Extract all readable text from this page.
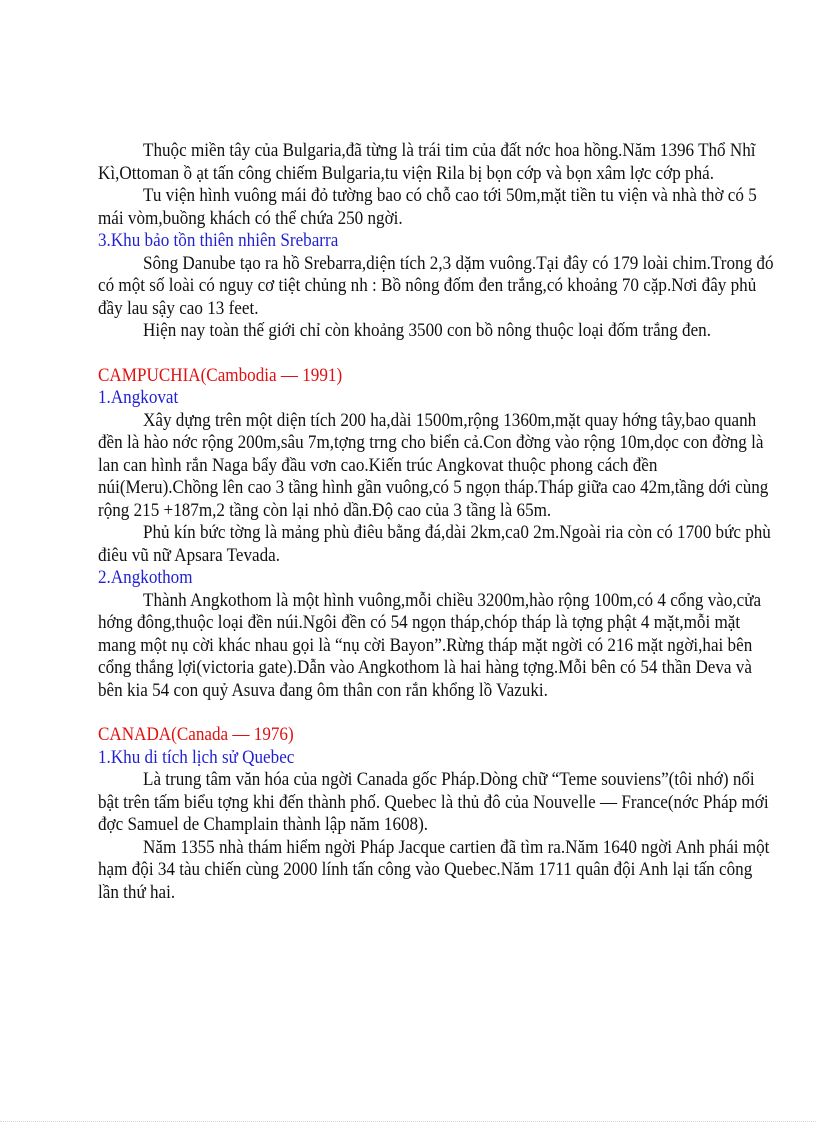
Thuộc miền tây của Bulgaria,đã từng là trái tim của đất nớc hoa hồng.Năm 1396 Thổ Nhĩ Kì,Ottoman ồ ạt tấn công chiếm Bulgaria,tu viện Rila bị bọn cớp và bọn xâm lợc cớp phá.

Tu viện hình vuông mái đỏ tường bao có chỗ cao tới 50m,mặt tiền tu viện và nhà thờ có 5 mái vòm,buồng khách có thể chứa 250 ngời.

3.Khu bảo tồn thiên nhiên Srebarra

Sông Danube tạo ra hồ Srebarra,diện tích 2,3 dặm vuông.Tại đây có 179 loài chim.Trong đó có một số loài có nguy cơ tiệt chủng nh : Bồ nông đốm đen trắng,có khoảng 70 cặp.Nơi đây phủ đầy lau sậy cao 13 feet.

Hiện nay toàn thế giới chỉ còn khoảng 3500 con bồ nông thuộc loại đốm trắng đen.

CAMPUCHIA(Cambodia — 1991)

1.Angkovat

Xây dựng trên một diện tích 200 ha,dài 1500m,rộng 1360m,mặt quay hớng tây,bao quanh đền là hào nớc rộng 200m,sâu 7m,tợng trng cho biển cả.Con đờng vào rộng 10m,dọc con đờng là lan can hình rắn Naga bẩy đầu vơn cao.Kiến trúc Angkovat thuộc phong cách đền núi(Meru).Chồng lên cao 3 tầng hình gần vuông,có 5 ngọn tháp.Tháp giữa cao 42m,tầng dới cùng rộng 215 +187m,2 tầng còn lại nhỏ dần.Độ cao của 3 tầng là 65m.

Phủ kín bức tờng là mảng phù điêu bằng đá,dài 2km,ca0 2m.Ngoài ria còn có 1700 bức phù điêu vũ nữ Apsara Tevada.

2.Angkothom

Thành Angkothom là một hình vuông,mỗi chiều 3200m,hào rộng 100m,có 4 cổng vào,cửa hớng đông,thuộc loại đền núi.Ngôi đền có 54 ngọn tháp,chóp tháp là tợng phật 4 mặt,mỗi mặt mang một nụ cời khác nhau gọi là “nụ cời Bayon”.Rừng tháp mặt ngời có 216 mặt ngời,hai bên cổng thắng lợi(victoria gate).Dẫn vào Angkothom là hai hàng tợng.Mỗi bên có 54 thần Deva và bên kia 54 con quỷ Asuva đang ôm thân con rắn khổng lồ Vazuki.

CANADA(Canada — 1976)

1.Khu di tích lịch sử Quebec

Là trung tâm văn hóa của ngời Canada gốc Pháp.Dòng chữ “Teme souviens”(tôi nhớ) nổi bật trên tấm biểu tợng khi đến thành phố. Quebec là thủ đô của Nouvelle — France(nớc Pháp mới đợc Samuel de Champlain thành lập năm 1608).

Năm 1355 nhà thám hiểm ngời Pháp Jacque cartien đã tìm ra.Năm 1640 ngời Anh phái một hạm đội 34 tàu chiến cùng 2000 lính tấn công vào Quebec.Năm 1711 quân đội Anh lại tấn công lần thứ hai.
